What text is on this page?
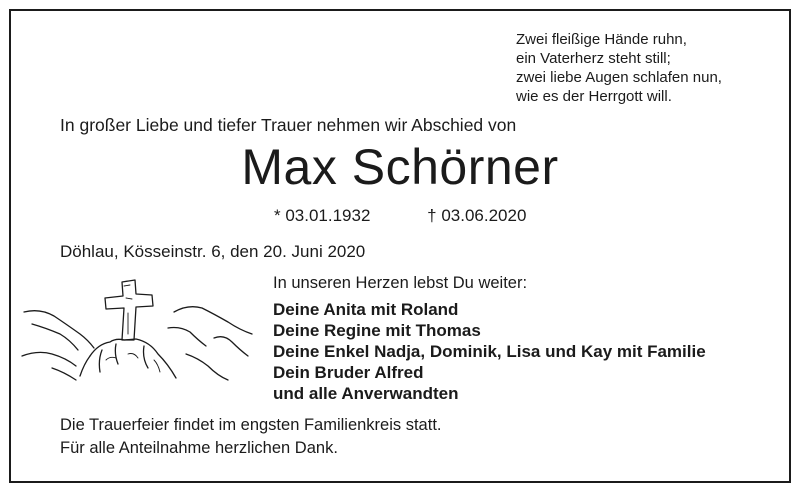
Zwei fleißige Hände ruhn,
ein Vaterherz steht still;
zwei liebe Augen schlafen nun,
wie es der Herrgott will.
In großer Liebe und tiefer Trauer nehmen wir Abschied von
Max Schörner
* 03.01.1932	† 03.06.2020
Döhlau, Kösseinstr. 6, den 20. Juni 2020
In unseren Herzen lebst Du weiter:
Deine Anita mit Roland
Deine Regine mit Thomas
Deine Enkel Nadja, Dominik, Lisa und Kay mit Familie
Dein Bruder Alfred
und alle Anverwandten
Die Trauerfeier findet im engsten Familienkreis statt.
Für alle Anteilnahme herzlichen Dank.
